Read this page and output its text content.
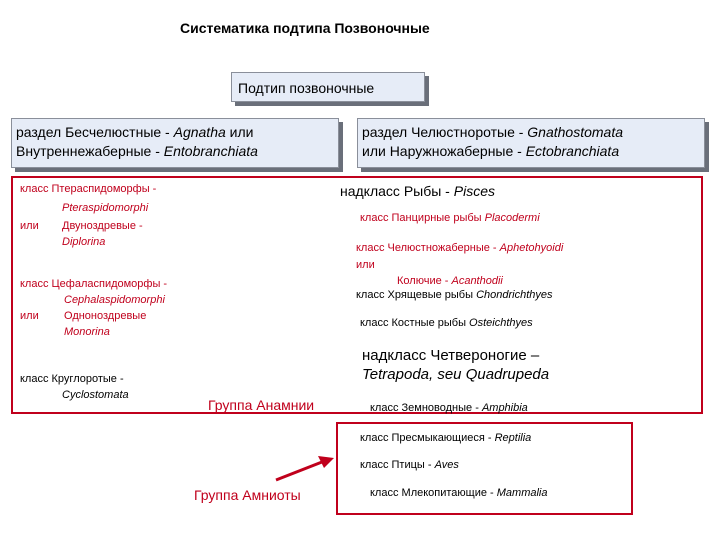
Систематика подтипа Позвоночные
Подтип позвоночные
раздел Бесчелюстные - Agnatha или
Внутреннежаберные - Entobranchiata
раздел Челюстноротые - Gnathostomata
или Наружножаберные - Ectobranchiata
класс Птераспидоморфы -
Pteraspidomorphi
или Двуноздревые -
Diplorina
класс Цефаласпидоморфы -
Cephalaspidomorphi
или Одноноздревые
Monorina
класс Круглоротые -
Cyclostomata
надкласс Рыбы - Pisces
класс Панцирные рыбы Placodermi
класс Челюстножаберные - Aphetohyoidi
или
Колючие - Acanthodii
класс Хрящевые рыбы Chondrichthyes
класс Костные рыбы Osteichthyes
надкласс Четвероногие –
Tetrapoda, seu Quadrupeda
класс Земноводные - Amphibia
Группа Анамнии
класс Пресмыкающиеся - Reptilia
класс Птицы - Aves
класс Млекопитающие - Mammalia
Группа Амниоты
